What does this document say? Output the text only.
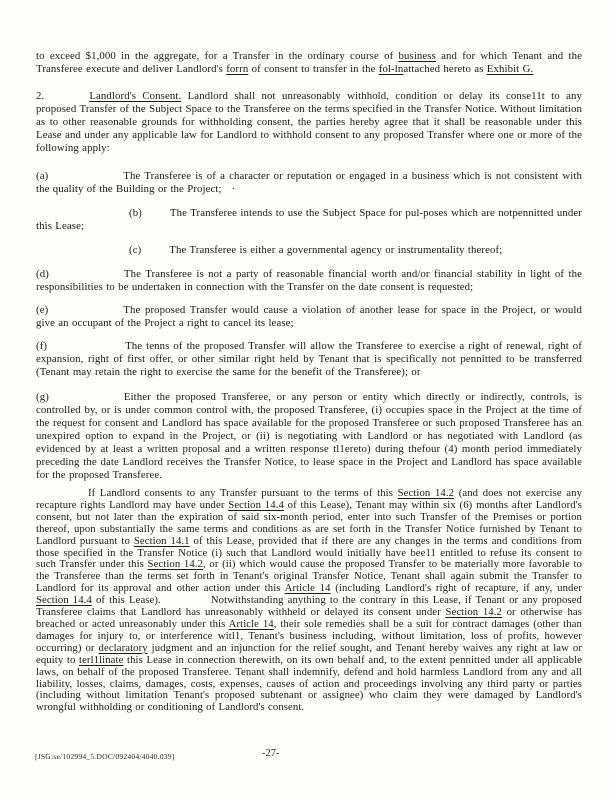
to exceed $1,000 in the aggregate, for a Transfer in the ordinary course of business and for which Tenant and the Transferee execute and deliver Landlord's forrn of consent to transfer in the fol-lnattached hereto as Exhibit G.

2.	Landlord's Consent. Landlord shall not unreasonably withhold, condition or delay its conse11t to any proposed Transfer of the Subject Space to the Transferee on the terms specified in the Transfer Notice. Without limitation as to other reasonable grounds for withholding consent, the parties hereby agree that it shall be reasonable under this Lease and under any applicable law for Landlord to withhold consent to any proposed Transfer where one or more of the following apply:

(a)	The Transferee is of a character or reputation or engaged in a business which is not consistent with the quality of the Building or the Project;   ·

(b)	The Transferee intends to use the Subject Space for pul-poses which are notpennitted under this Lease;

(c)	The Transferee is either a governmental agency or instrumentality thereof;

(d)	The Transferee is not a party of reasonable financial worth and/or financial stability in light of the responsibilities to be undertaken in connection with the Transfer on the date consent is requested;

(e)	The proposed Transfer would cause a violation of another lease for space in the Project, or would give an occupant of the Project a right to cancel its lease;

(f)	The tenns of the proposed Transfer will allow the Transferee to exercise a right of renewal, right of expansion, right of first offer, or other similar right held by Tenant that is specifically not pennitted to be transferred (Tenant may retain the right to exercise the same for the benefit of the Transferee); or

(g)	Either the proposed Transferee, or any person or entity which directly or indirectly, controls, is controlled by, or is under common control with, the proposed Transferee, (i) occupies space in the Project at the time of the request for consent and Landlord has space available for the proposed Transferee or such proposed Transferee has an unexpired option to expand in the Project, or (ii) is negotiating with Landlord or has negotiated with Landlord (as evidenced by at least a written proposal and a written response tl1ereto) during thefour (4) month period immediately preceding the date Landlord receives the Transfer Notice, to lease space in the Project and Landlord has space available for the proposed Transferee.

If Landlord consents to any Transfer pursuant to the terms of this Section 14.2 (and does not exercise any recapture rights Landlord may have under Section 14.4 of this Lease), Tenant may within six (6) months after Landlord's consent, but not later than the expiration of said six-month period, enter into such Transfer of the Premises or portion thereof, upon substantially the same terms and conditions as are set forth in the Transfer Notice furnished by Tenant to Landlord pursuant to Section 14.1 of this Lease, provided that if there are any changes in the terms and conditions from those specified in the Transfer Notice (i) such that Landlord would initially have bee11 entitled to refuse its consent to such Transfer under this Section 14.2, or (ii) which would cause the proposed Transfer to be materially more favorable to the Transferee than the terms set forth in Tenant's original Transfer Notice, Tenant shall again submit the Transfer to Landlord for its approval and other action under this Article 14 (including Landlord's right of recapture, if any, under Section 14.4 of this Lease).	Notwithstanding anything to the contrary in this Lease, if Tenant or any proposed Transferee claims that Landlord has unreasonably withheld or delayed its consent under Section 14.2 or otherwise has breached or acted unreasonably under this Article 14, their sole remedies shall be a suit for contract damages (other than damages for injury to, or interference witl1, Tenant's business including, without limitation, loss of profits, however occurring) or declaratory judgment and an injunction for the relief sought, and Tenant hereby waives any right at law or equity to terl1linate this Lease in connection therewith, on its own behalf and, to the extent pennitted under all applicable laws, on behalf of the proposed Transferee. Tenant shall indemnify, defend and hold harmless Landlord from any and all liability, losses, claims, damages, costs, expenses, causes of action and proceedings involving any third party or parties (including without limitation Tenant's proposed subtenant or assignee) who claim they were damaged by Landlord's wrongful withholding or conditioning of Landlord's consent.

[JSG:se/102994_5.DOC/092404/4040.039]	-27-
